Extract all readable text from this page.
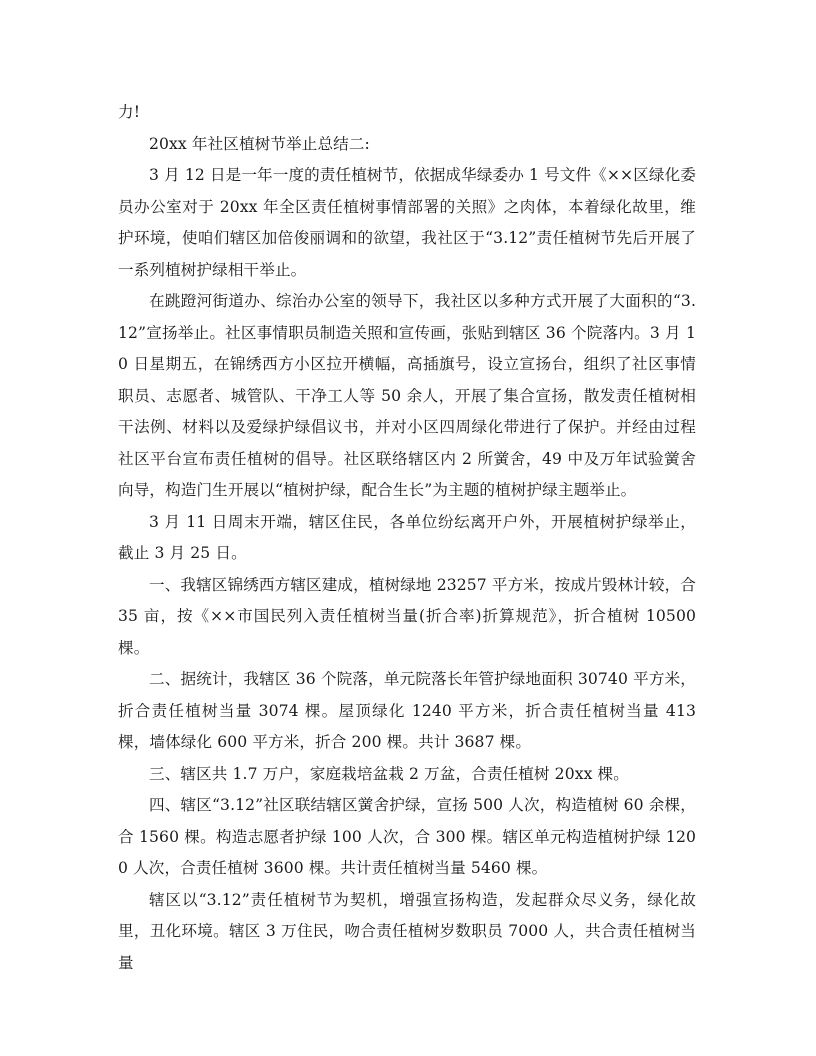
力!

20xx 年社区植树节举止总结二:

3 月 12 日是一年一度的责任植树节，依据成华绿委办 1 号文件《××区绿化委员办公室对于 20xx 年全区责任植树事情部署的关照》之肉体，本着绿化故里，维护环境，使咱们辖区加倍俊丽调和的欲望，我社区于“3.12”责任植树节先后开展了一系列植树护绿相干举止。

在跳蹬河街道办、综治办公室的领导下，我社区以多种方式开展了大面积的“3.12”宣扬举止。社区事情职员制造关照和宣传画，张贴到辖区 36 个院落内。3 月 10 日星期五，在锦绣西方小区拉开横幅，高插旗号，设立宣扬台，组织了社区事情职员、志愿者、城管队、干净工人等 50 余人，开展了集合宣扬，散发责任植树相干法例、材料以及爱绿护绿倡议书，并对小区四周绿化带进行了保护。并经由过程社区平台宣布责任植树的倡导。社区联络辖区内 2 所黉舍，49 中及万年试验黉舍向导，构造门生开展以“植树护绿，配合生长”为主题的植树护绿主题举止。

3 月 11 日周末开端，辖区住民，各单位纷纭离开户外，开展植树护绿举止，截止 3 月 25 日。

一、我辖区锦绣西方辖区建成，植树绿地 23257 平方米，按成片毁林计较，合 35 亩，按《××市国民列入责任植树当量(折合率)折算规范》，折合植树 10500 棵。

二、据统计，我辖区 36 个院落，单元院落长年管护绿地面积 30740 平方米，折合责任植树当量 3074 棵。屋顶绿化 1240 平方米，折合责任植树当量 413 棵，墙体绿化 600 平方米，折合 200 棵。共计 3687 棵。

三、辖区共 1.7 万户，家庭栽培盆栽 2 万盆，合责任植树 20xx 棵。

四、辖区“3.12”社区联结辖区黉舍护绿，宣扬 500 人次，构造植树 60 余棵，合 1560 棵。构造志愿者护绿 100 人次，合 300 棵。辖区单元构造植树护绿 1200 人次，合责任植树 3600 棵。共计责任植树当量 5460 棵。

辖区以“3.12”责任植树节为契机，增强宣扬构造，发起群众尽义务，绿化故里，丑化环境。辖区 3 万住民，吻合责任植树岁数职员 7000 人，共合责任植树当量
